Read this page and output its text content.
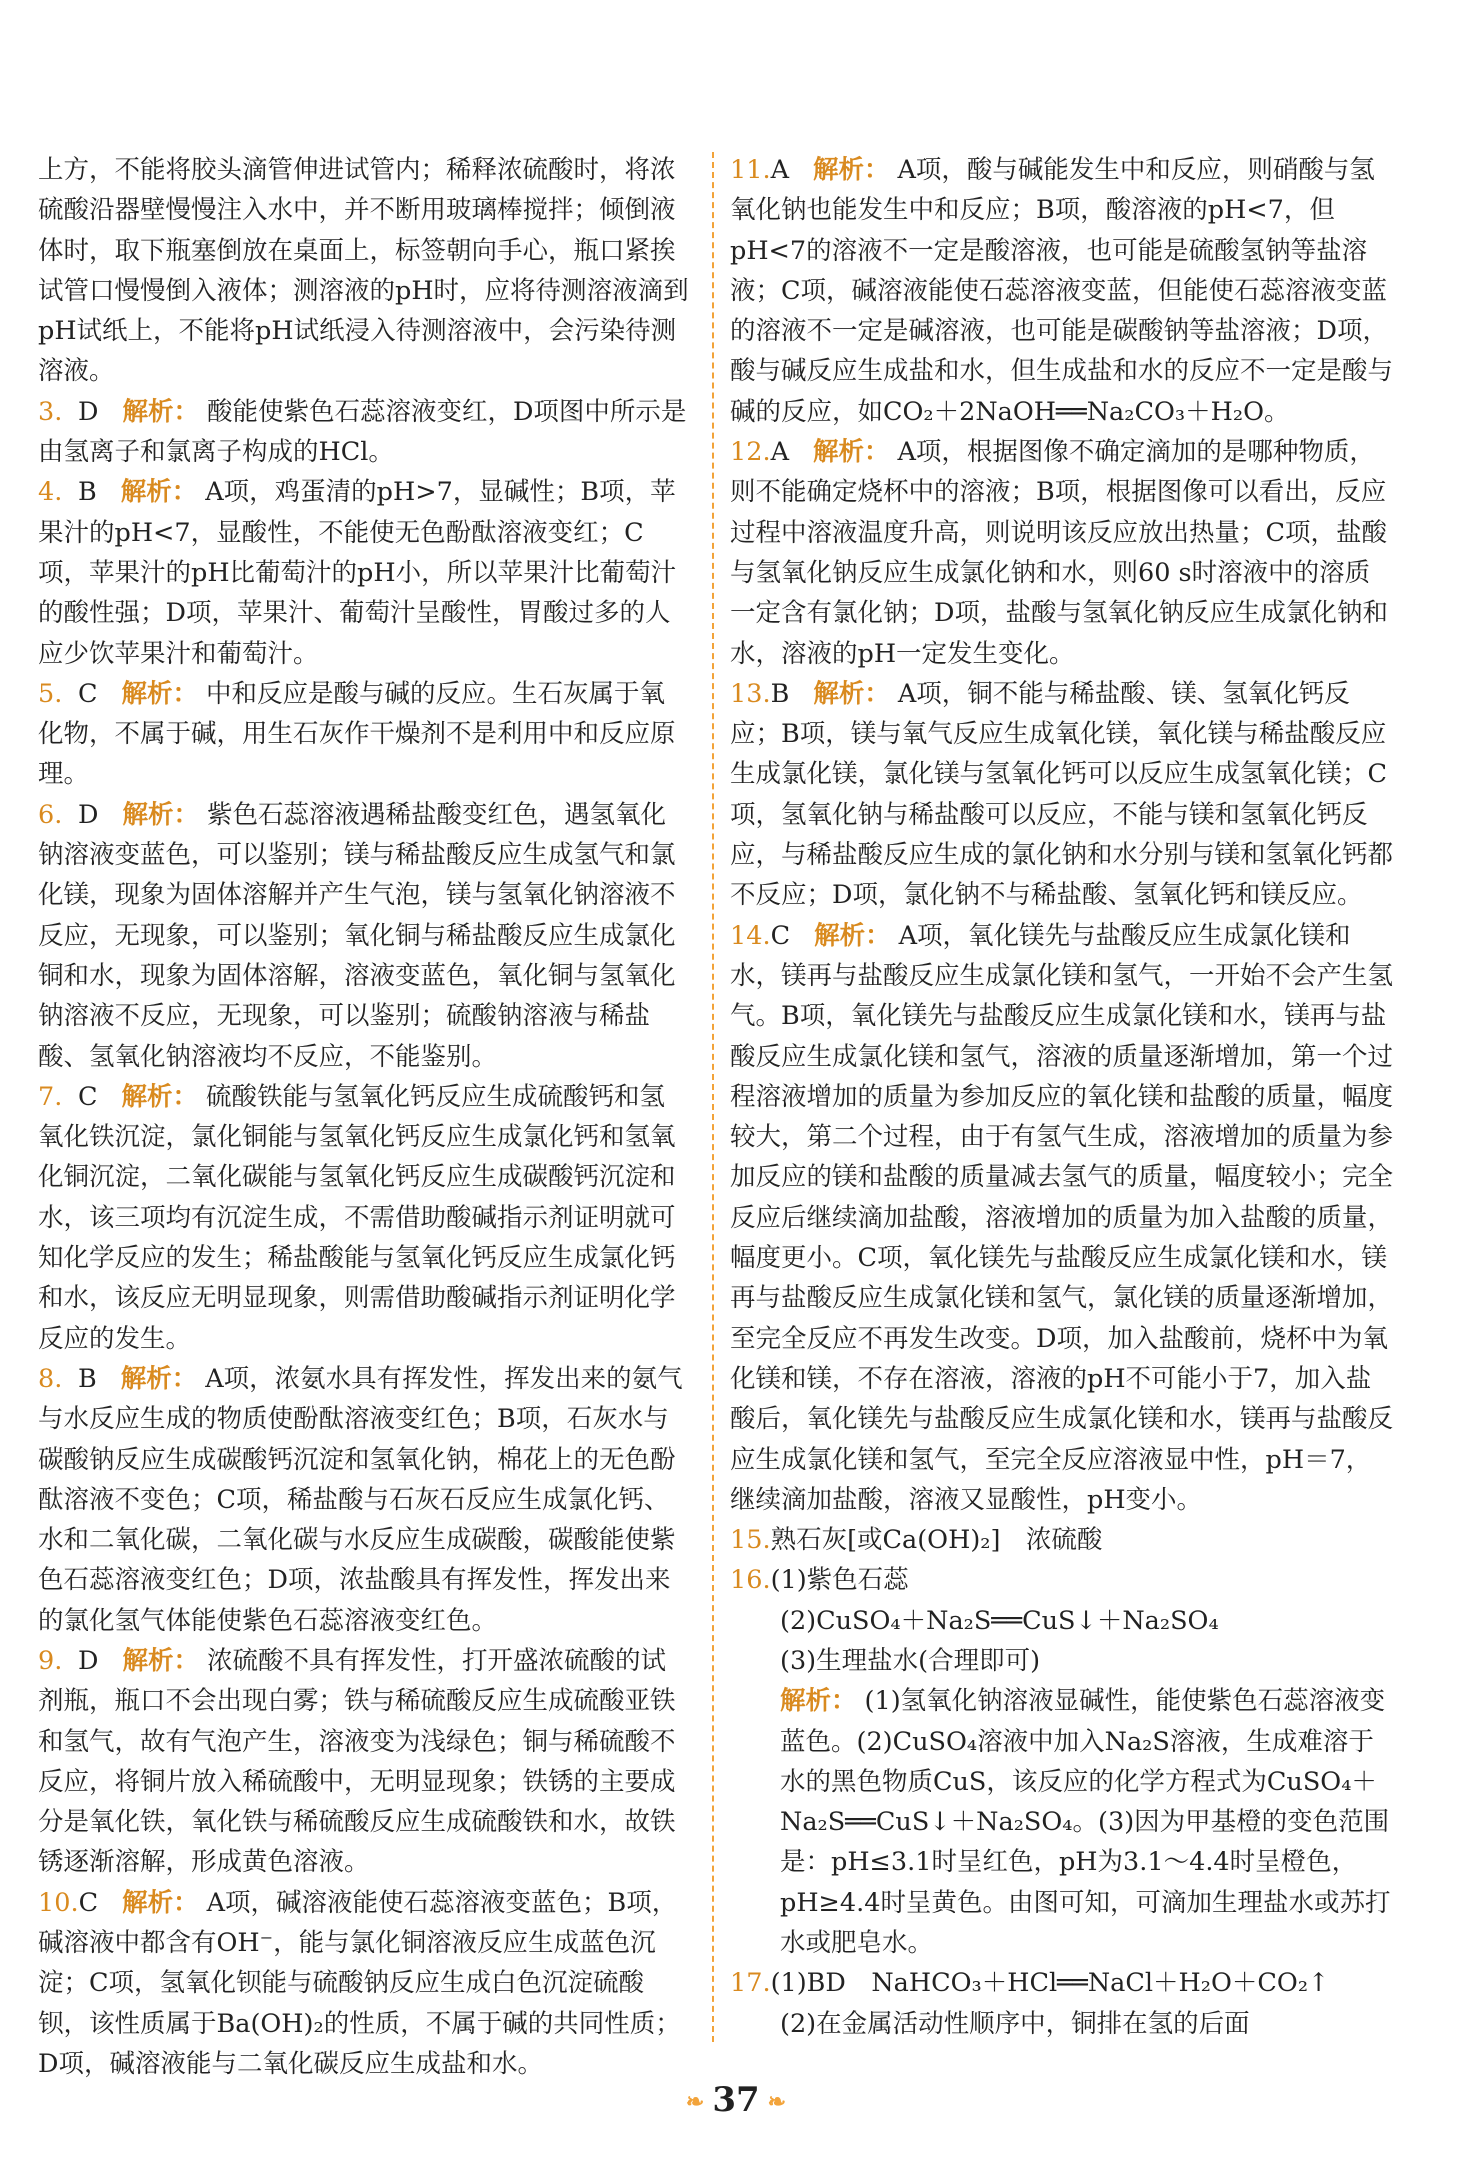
上方，不能将胶头滴管伸进试管内；稀释浓硫酸时，将浓硫酸沿器壁慢慢注入水中，并不断用玻璃棒搅拌；倾倒液体时，取下瓶塞倒放在桌面上，标签朝向手心，瓶口紧挨试管口慢慢倒入液体；测溶液的pH时，应将待测溶液滴到pH试纸上，不能将pH试纸浸入待测溶液中，会污染待测溶液。
3. D 解析： 酸能使紫色石蕊溶液变红，D项图中所示是由氢离子和氯离子构成的HCl。
4. B 解析： A项，鸡蛋清的pH>7，显碱性；B项，苹果汁的pH<7，显酸性，不能使无色酚酞溶液变红；C项，苹果汁的pH比葡萄汁的pH小，所以苹果汁比葡萄汁的酸性强；D项，苹果汁、葡萄汁呈酸性，胃酸过多的人应少饮苹果汁和葡萄汁。
5. C 解析： 中和反应是酸与碱的反应。生石灰属于氧化物，不属于碱，用生石灰作干燥剂不是利用中和反应原理。
6. D 解析： 紫色石蕊溶液遇稀盐酸变红色，遇氢氧化钠溶液变蓝色，可以鉴别；镁与稀盐酸反应生成氢气和氯化镁，现象为固体溶解并产生气泡，镁与氢氧化钠溶液不反应，无现象，可以鉴别；氧化铜与稀盐酸反应生成氯化铜和水，现象为固体溶解，溶液变蓝色，氧化铜与氢氧化钠溶液不反应，无现象，可以鉴别；硫酸钠溶液与稀盐酸、氢氧化钠溶液均不反应，不能鉴别。
7. C 解析： 硫酸铁能与氢氧化钙反应生成硫酸钙和氢氧化铁沉淀，氯化铜能与氢氧化钙反应生成氯化钙和氢氧化铜沉淀，二氧化碳能与氢氧化钙反应生成碳酸钙沉淀和水，该三项均有沉淀生成，不需借助酸碱指示剂证明就可知化学反应的发生；稀盐酸能与氢氧化钙反应生成氯化钙和水，该反应无明显现象，则需借助酸碱指示剂证明化学反应的发生。
8. B 解析： A项，浓氨水具有挥发性，挥发出来的氨气与水反应生成的物质使酚酞溶液变红色；B项，石灰水与碳酸钠反应生成碳酸钙沉淀和氢氧化钠，棉花上的无色酚酞溶液不变色；C项，稀盐酸与石灰石反应生成氯化钙、水和二氧化碳，二氧化碳与水反应生成碳酸，碳酸能使紫色石蕊溶液变红色；D项，浓盐酸具有挥发性，挥发出来的氯化氢气体能使紫色石蕊溶液变红色。
9. D 解析： 浓硫酸不具有挥发性，打开盛浓硫酸的试剂瓶，瓶口不会出现白雾；铁与稀硫酸反应生成硫酸亚铁和氢气，故有气泡产生，溶液变为浅绿色；铜与稀硫酸不反应，将铜片放入稀硫酸中，无明显现象；铁锈的主要成分是氧化铁，氧化铁与稀硫酸反应生成硫酸铁和水，故铁锈逐渐溶解，形成黄色溶液。
10.C 解析： A项，碱溶液能使石蕊溶液变蓝色；B项，碱溶液中都含有OH⁻，能与氯化铜溶液反应生成蓝色沉淀；C项，氢氧化钡能与硫酸钠反应生成白色沉淀硫酸钡，该性质属于Ba(OH)₂的性质，不属于碱的共同性质；D项，碱溶液能与二氧化碳反应生成盐和水。
11.A 解析： A项，酸与碱能发生中和反应，则硝酸与氢氧化钠也能发生中和反应；B项，酸溶液的pH<7，但pH<7的溶液不一定是酸溶液，也可能是硫酸氢钠等盐溶液；C项，碱溶液能使石蕊溶液变蓝，但能使石蕊溶液变蓝的溶液不一定是碱溶液，也可能是碳酸钠等盐溶液；D项，酸与碱反应生成盐和水，但生成盐和水的反应不一定是酸与碱的反应，如CO₂＋2NaOH══Na₂CO₃＋H₂O。
12.A 解析： A项，根据图像不确定滴加的是哪种物质，则不能确定烧杯中的溶液；B项，根据图像可以看出，反应过程中溶液温度升高，则说明该反应放出热量；C项，盐酸与氢氧化钠反应生成氯化钠和水，则60 s时溶液中的溶质一定含有氯化钠；D项，盐酸与氢氧化钠反应生成氯化钠和水，溶液的pH一定发生变化。
13.B 解析： A项，铜不能与稀盐酸、镁、氢氧化钙反应；B项，镁与氧气反应生成氧化镁，氧化镁与稀盐酸反应生成氯化镁，氯化镁与氢氧化钙可以反应生成氢氧化镁；C项，氢氧化钠与稀盐酸可以反应，不能与镁和氢氧化钙反应，与稀盐酸反应生成的氯化钠和水分别与镁和氢氧化钙都不反应；D项，氯化钠不与稀盐酸、氢氧化钙和镁反应。
14.C 解析： A项，氧化镁先与盐酸反应生成氯化镁和水，镁再与盐酸反应生成氯化镁和氢气，一开始不会产生氢气。B项，氧化镁先与盐酸反应生成氯化镁和水，镁再与盐酸反应生成氯化镁和氢气，溶液的质量逐渐增加，第一个过程溶液增加的质量为参加反应的氧化镁和盐酸的质量，幅度较大，第二个过程，由于有氢气生成，溶液增加的质量为参加反应的镁和盐酸的质量减去氢气的质量，幅度较小；完全反应后继续滴加盐酸，溶液增加的质量为加入盐酸的质量，幅度更小。C项，氧化镁先与盐酸反应生成氯化镁和水，镁再与盐酸反应生成氯化镁和氢气，氯化镁的质量逐渐增加，至完全反应不再发生改变。D项，加入盐酸前，烧杯中为氧化镁和镁，不存在溶液，溶液的pH不可能小于7，加入盐酸后，氧化镁先与盐酸反应生成氯化镁和水，镁再与盐酸反应生成氯化镁和氢气，至完全反应溶液显中性，pH＝7，继续滴加盐酸，溶液又显酸性，pH变小。
15.熟石灰[或Ca(OH)₂]　浓硫酸
16.(1)紫色石蕊
(2)CuSO₄＋Na₂S══CuS↓＋Na₂SO₄
(3)生理盐水(合理即可)
解析： (1)氢氧化钠溶液显碱性，能使紫色石蕊溶液变蓝色。(2)CuSO₄溶液中加入Na₂S溶液，生成难溶于水的黑色物质CuS，该反应的化学方程式为CuSO₄＋Na₂S══CuS↓＋Na₂SO₄。(3)因为甲基橙的变色范围是：pH≤3.1时呈红色，pH为3.1～4.4时呈橙色，pH≥4.4时呈黄色。由图可知，可滴加生理盐水或苏打水或肥皂水。
17.(1)BD　NaHCO₃＋HCl══NaCl＋H₂O＋CO₂↑
(2)在金属活动性顺序中，铜排在氢的后面
❧ 37 ❧
